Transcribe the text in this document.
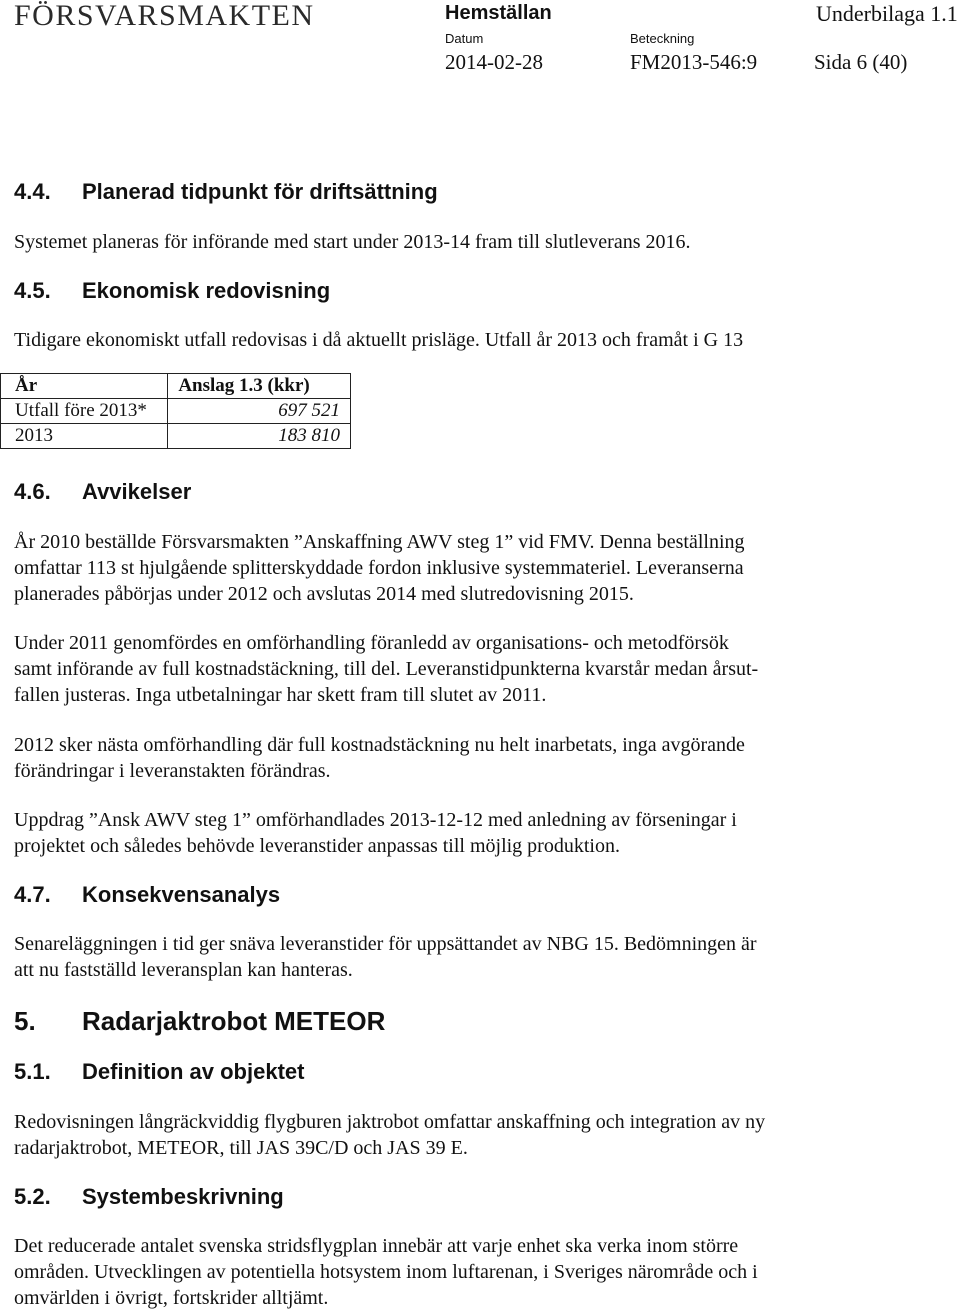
FÖRSVARSMAKTEN	Hemställan	Underbilaga 1.1
Datum	Beteckning
2014-02-28	FM2013-546:9	Sida 6 (40)
4.4. Planerad tidpunkt för driftsättning
Systemet planeras för införande med start under 2013-14 fram till slutleverans 2016.
4.5. Ekonomisk redovisning
Tidigare ekonomiskt utfall redovisas i då aktuellt prisläge. Utfall år 2013 och framåt i G 13
År	Anslag 1.3 (kkr)
Utfall före 2013*	697 521
2013	183 810
4.6. Avvikelser
År 2010 beställde Försvarsmakten ”Anskaffning AWV steg 1” vid FMV. Denna beställning
omfattar 113 st hjulgående splitterskyddade fordon inklusive systemmateriel. Leveranserna
planerades påbörjas under 2012 och avslutas 2014 med slutredovisning 2015.
Under 2011 genomfördes en omförhandling föranledd av organisations- och metodförsök
samt införande av full kostnadstäckning, till del. Leveranstidpunkterna kvarstår medan årsut-
fallen justeras. Inga utbetalningar har skett fram till slutet av 2011.
2012 sker nästa omförhandling där full kostnadstäckning nu helt inarbetats, inga avgörande
förändringar i leveranstakten förändras.
Uppdrag ”Ansk AWV steg 1” omförhandlades 2013-12-12 med anledning av förseningar i
projektet och således behövde leveranstider anpassas till möjlig produktion.
4.7. Konsekvensanalys
Senareläggningen i tid ger snäva leveranstider för uppsättandet av NBG 15. Bedömningen är
att nu fastställd leveransplan kan hanteras.
5. Radarjaktrobot METEOR
5.1. Definition av objektet
Redovisningen långräckviddig flygburen jaktrobot omfattar anskaffning och integration av ny
radarjaktrobot, METEOR, till JAS 39C/D och JAS 39 E.
5.2. Systembeskrivning
Det reducerade antalet svenska stridsflygplan innebär att varje enhet ska verka inom större
områden. Utvecklingen av potentiella hotsystem inom luftarenan, i Sveriges närområde och i
omvärlden i övrigt, fortskrider alltjämt.
